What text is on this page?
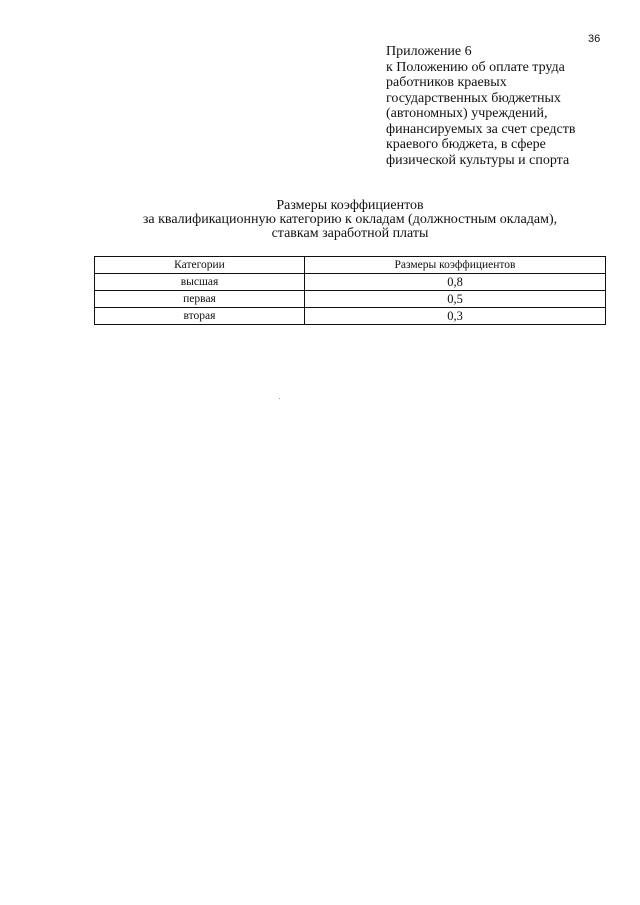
36
Приложение 6
к Положению об оплате труда
работников краевых
государственных бюджетных
(автономных) учреждений,
финансируемых за счет средств
краевого бюджета, в сфере
физической культуры и спорта
Размеры коэффициентов
за квалификационную категорию к окладам (должностным окладам),
ставкам заработной платы
Категории	Размеры коэффициентов
высшая	0,8
первая	0,5
вторая	0,3
